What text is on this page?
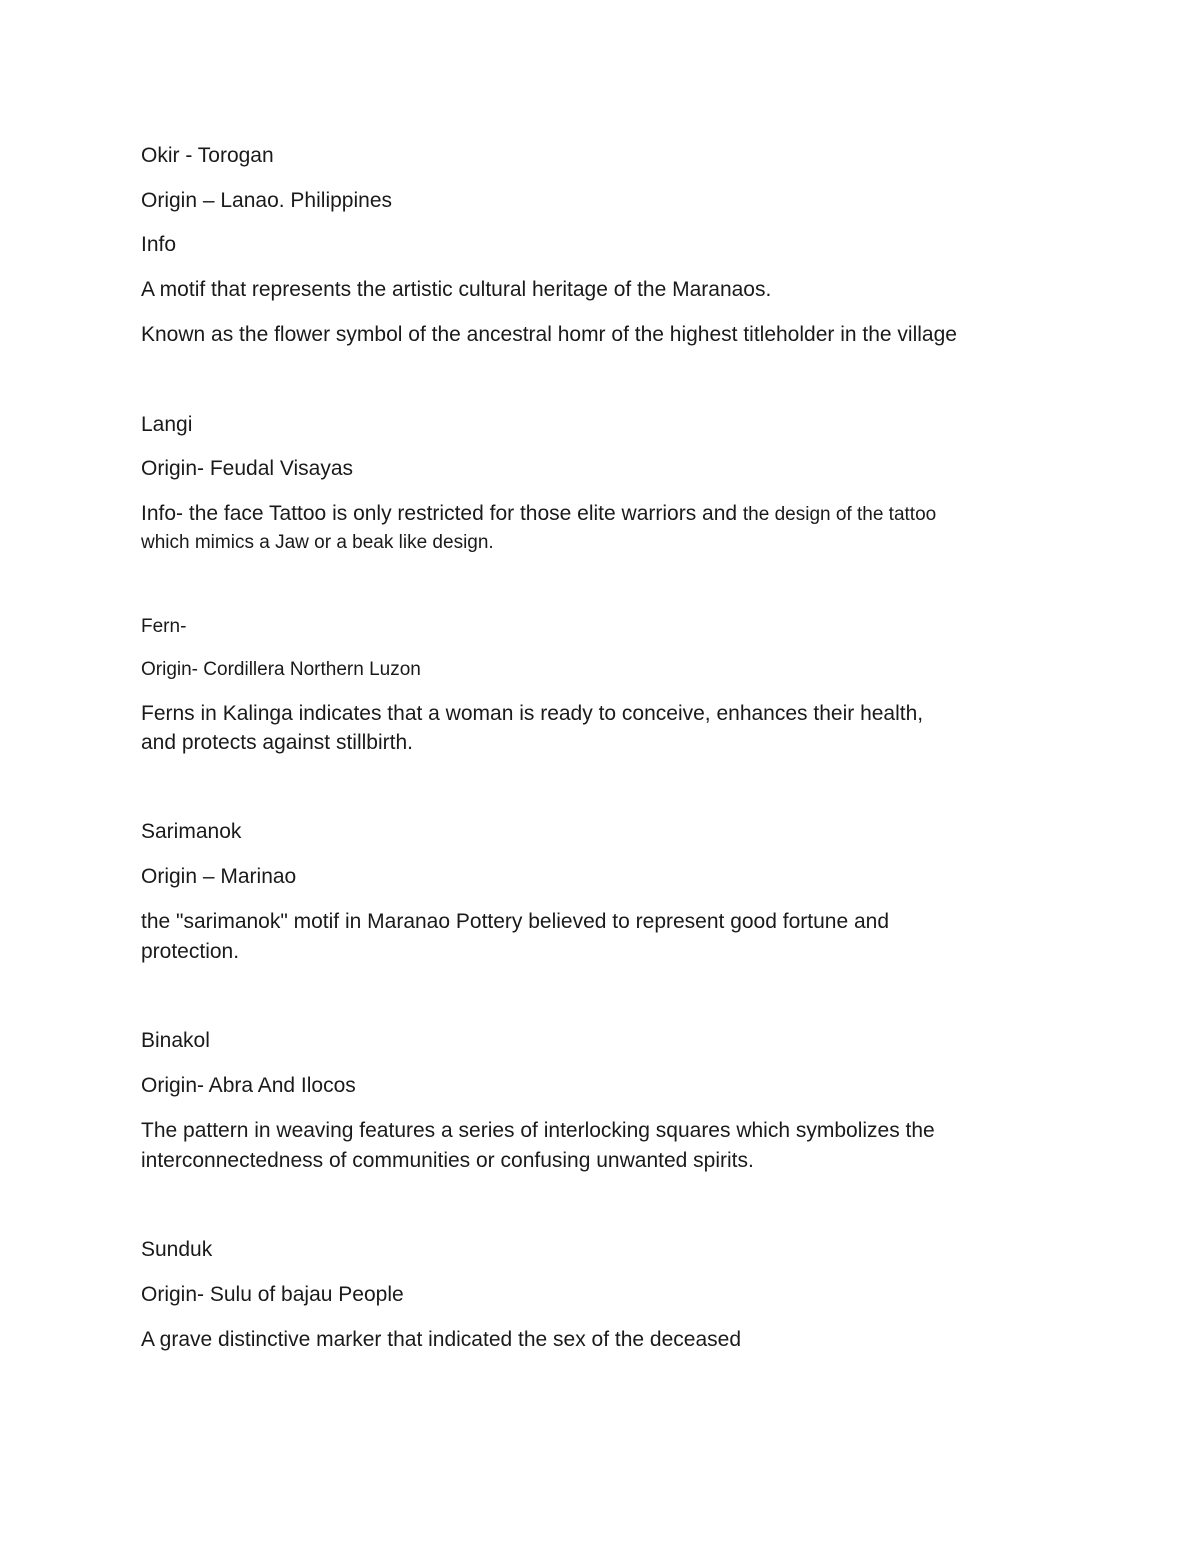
Okir - Torogan
Origin – Lanao. Philippines
Info
A motif that represents the artistic cultural heritage of the Maranaos.
Known as the flower symbol of the ancestral homr of the highest titleholder in the village
Langi
Origin- Feudal Visayas
Info- the face Tattoo is only restricted for those elite warriors and the design of the tattoo
which mimics a Jaw or a beak like design.
Fern-
Origin- Cordillera Northern Luzon
Ferns in Kalinga indicates that a woman is ready to conceive, enhances their health,
and protects against stillbirth.
Sarimanok
Origin – Marinao
the "sarimanok" motif in Maranao Pottery believed to represent good fortune and
protection.
Binakol
Origin- Abra And Ilocos
The pattern in weaving features a series of interlocking squares which symbolizes the
interconnectedness of communities or confusing unwanted spirits.
Sunduk
Origin- Sulu of bajau People
A grave distinctive marker that indicated the sex of the deceased
